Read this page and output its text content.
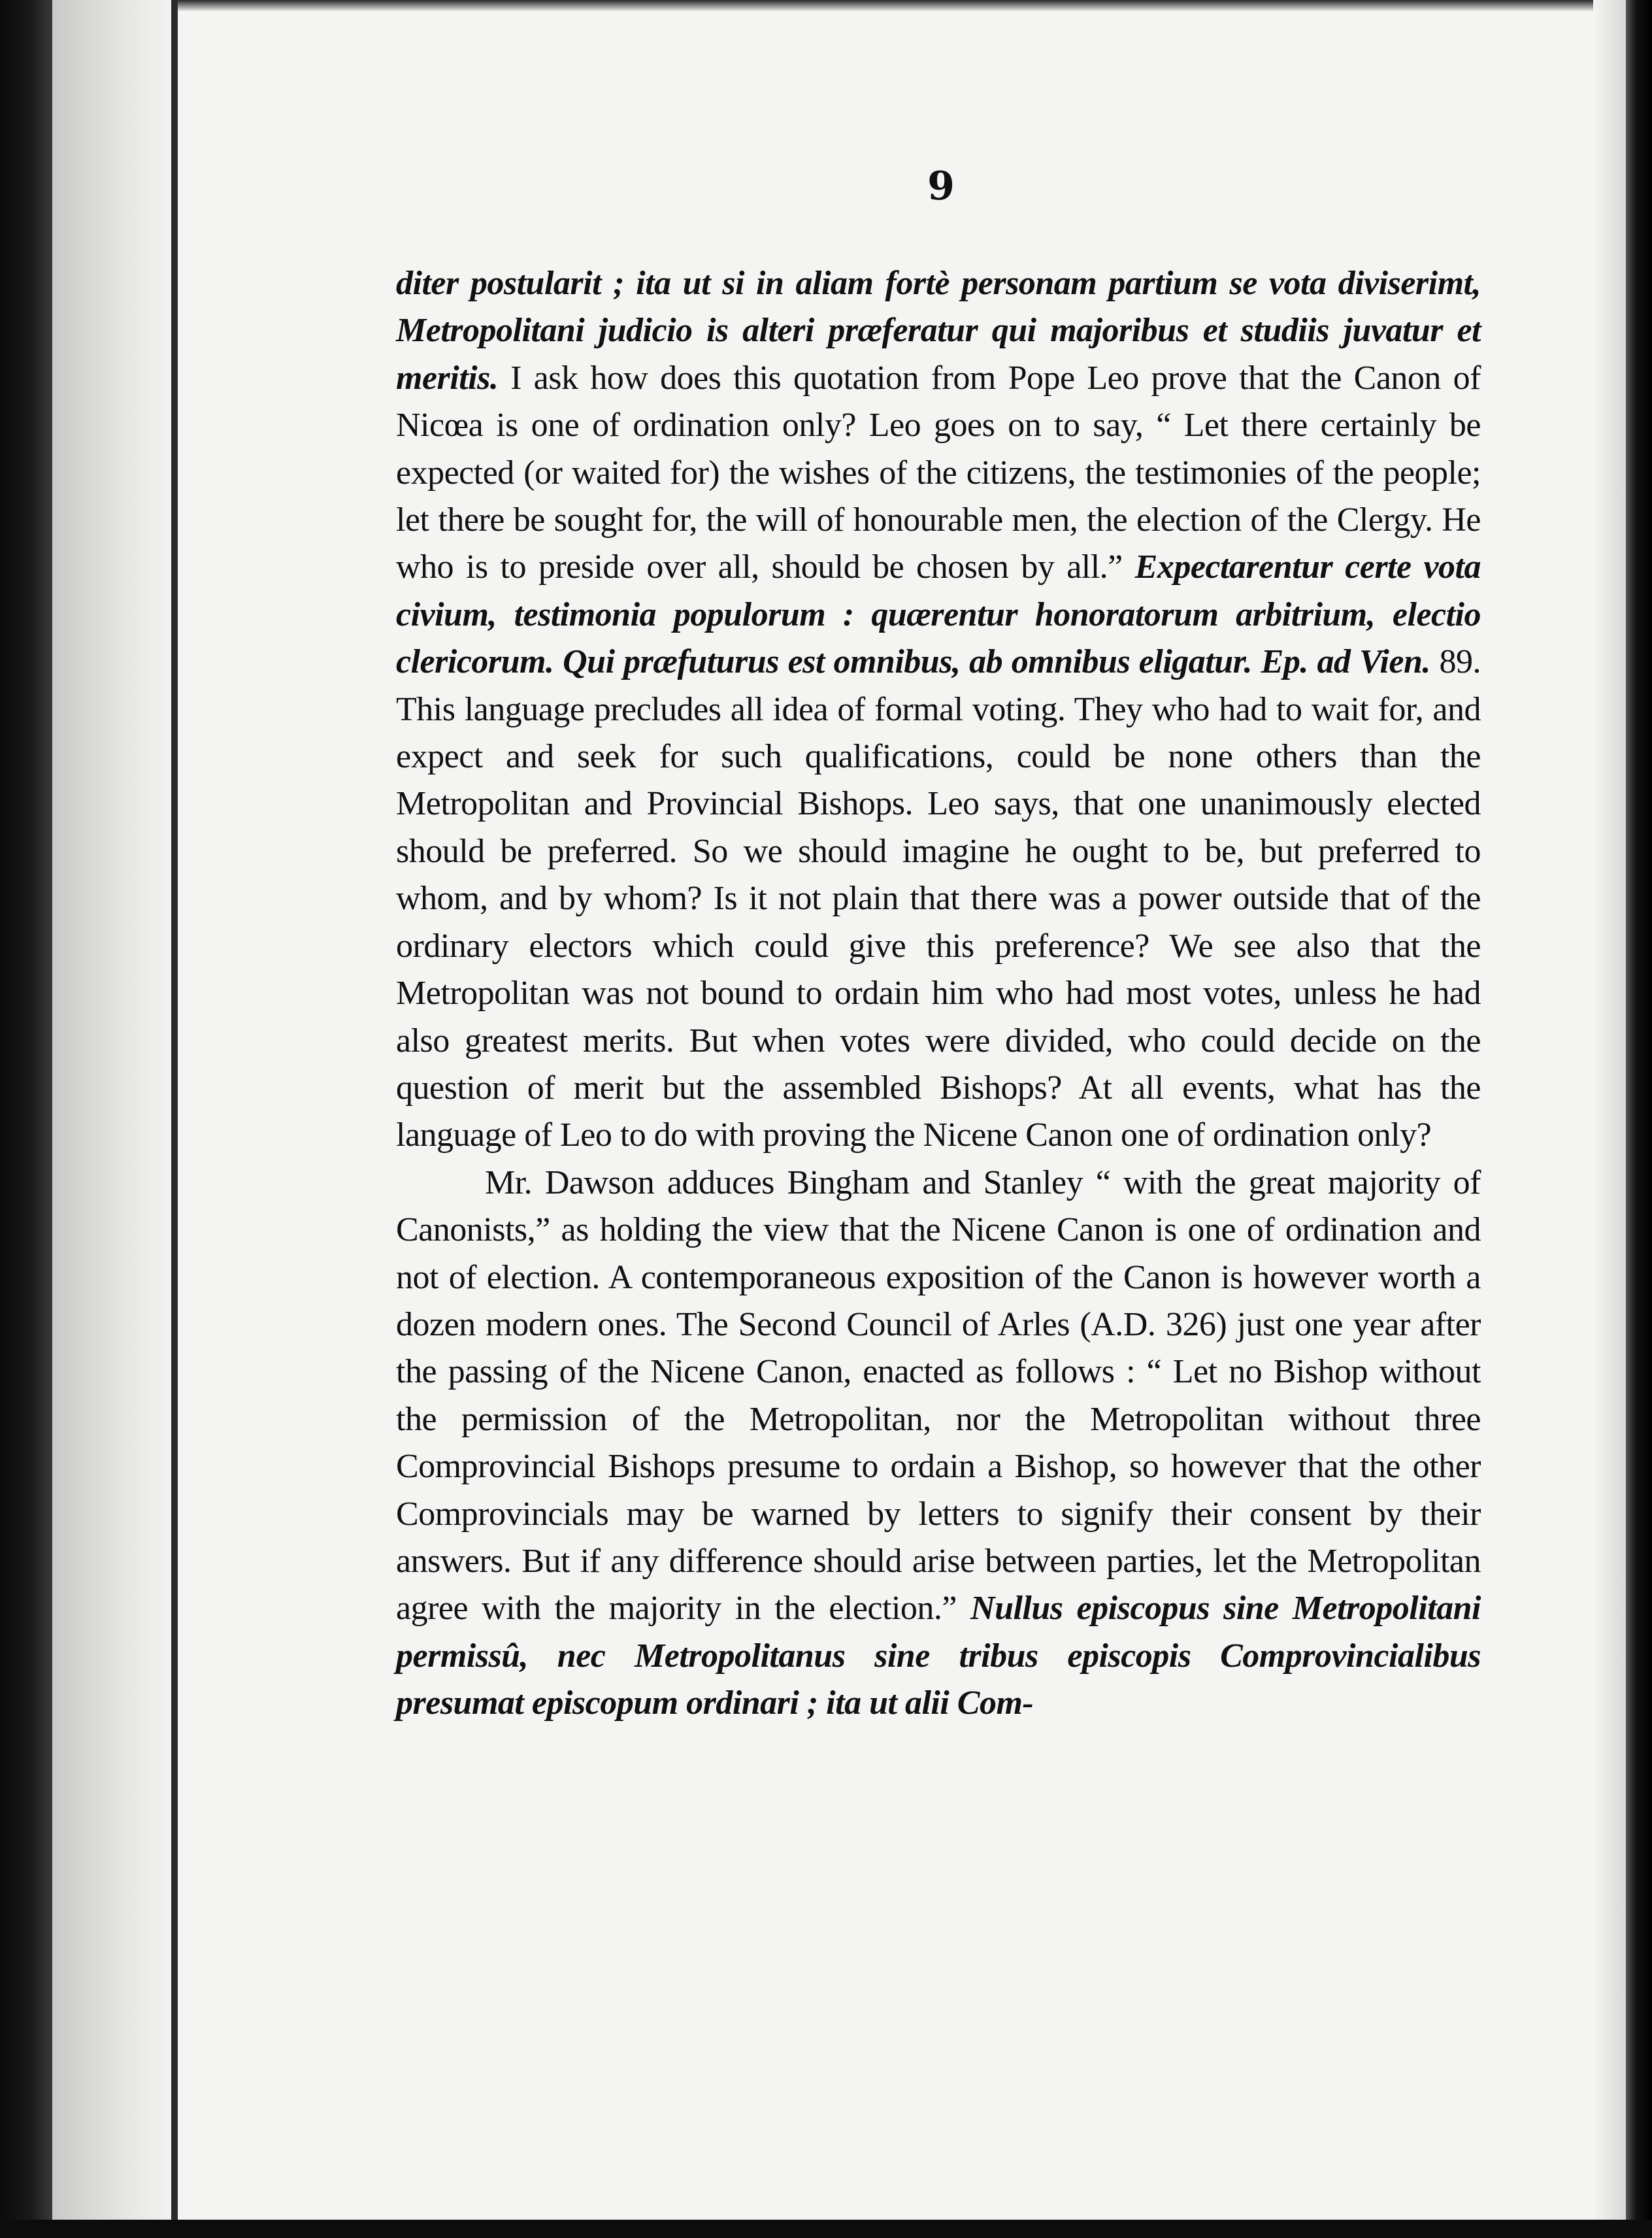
9

diter postularit ; ita ut si in aliam fortè personam partium se vota diviserimt, Metropolitani judicio is alteri præferatur qui majoribus et studiis juvatur et meritis. I ask how does this quotation from Pope Leo prove that the Canon of Nicœa is one of ordination only? Leo goes on to say, “ Let there certainly be expected (or waited for) the wishes of the citizens, the testimonies of the people; let there be sought for, the will of honourable men, the election of the Clergy. He who is to preside over all, should be chosen by all.” Expectarentur certe vota civium, testimonia populorum : quærentur honoratorum arbitrium, electio clericorum. Qui præfuturus est omnibus, ab omnibus eligatur. Ep. ad Vien. 89. This language precludes all idea of formal voting. They who had to wait for, and expect and seek for such qualifications, could be none others than the Metropolitan and Provincial Bishops. Leo says, that one unanimously elected should be preferred. So we should imagine he ought to be, but preferred to whom, and by whom? Is it not plain that there was a power outside that of the ordinary electors which could give this preference? We see also that the Metropolitan was not bound to ordain him who had most votes, unless he had also greatest merits. But when votes were divided, who could decide on the question of merit but the assembled Bishops? At all events, what has the language of Leo to do with proving the Nicene Canon one of ordination only?

Mr. Dawson adduces Bingham and Stanley “ with the great majority of Canonists,” as holding the view that the Nicene Canon is one of ordination and not of election. A contemporaneous exposition of the Canon is however worth a dozen modern ones. The Second Council of Arles (A.D. 326) just one year after the passing of the Nicene Canon, enacted as follows : “ Let no Bishop without the permission of the Metropolitan, nor the Metropolitan without three Comprovincial Bishops presume to ordain a Bishop, so however that the other Comprovincials may be warned by letters to signify their consent by their answers. But if any difference should arise between parties, let the Metropolitan agree with the majority in the election.” Nullus episcopus sine Metropolitani permissû, nec Metropolitanus sine tribus episcopis Comprovincialibus presumat episcopum ordinari ; ita ut alii Com-
